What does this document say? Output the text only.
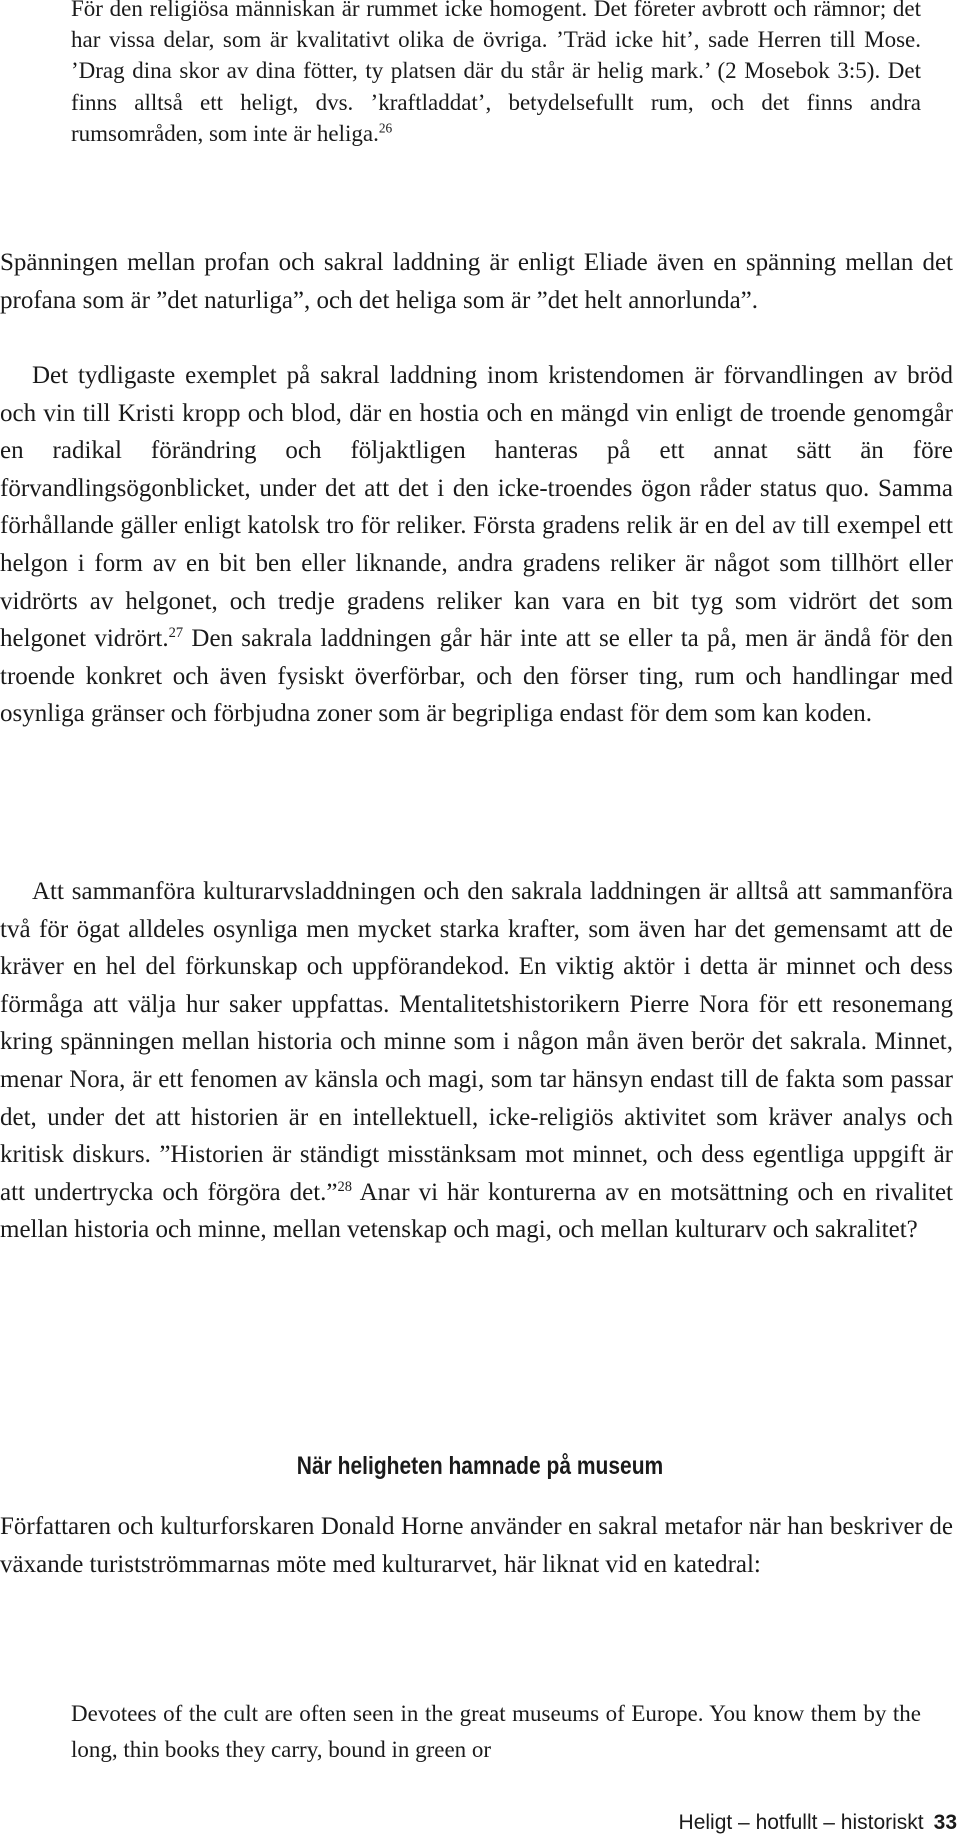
För den religiösa människan är rummet icke homogent. Det företer avbrott och rämnor; det har vissa delar, som är kvalitativt olika de övriga. ’Träd icke hit’, sade Herren till Mose. ’Drag dina skor av dina fötter, ty platsen där du står är helig mark.’ (2 Mosebok 3:5). Det finns alltså ett heligt, dvs. ’kraftladdat’, betydelsefullt rum, och det finns andra rumsområden, som inte är heliga.$^{26}$

Spänningen mellan profan och sakral laddning är enligt Eliade även en spänning mellan det profana som är ”det naturliga”, och det heliga som är ”det helt annorlunda”.

Det tydligaste exemplet på sakral laddning inom kristendomen är förvandlingen av bröd och vin till Kristi kropp och blod, där en hostia och en mängd vin enligt de troende genomgår en radikal förändring och följaktligen hanteras på ett annat sätt än före förvandlingsögonblicket, under det att det i den icke-troendes ögon råder status quo. Samma förhållande gäller enligt katolsk tro för reliker. Första gradens relik är en del av till exempel ett helgon i form av en bit ben eller liknande, andra gradens reliker är något som tillhört eller vidrörts av helgonet, och tredje gradens reliker kan vara en bit tyg som vidrört det som helgonet vidrört.$^{27}$ Den sakrala laddningen går här inte att se eller ta på, men är ändå för den troende konkret och även fysiskt överförbar, och den förser ting, rum och handlingar med osynliga gränser och förbjudna zoner som är begripliga endast för dem som kan koden.

Att sammanföra kulturarvsladdningen och den sakrala laddningen är alltså att sammanföra två för ögat alldeles osynliga men mycket starka krafter, som även har det gemensamt att de kräver en hel del förkunskap och uppförandekod. En viktig aktör i detta är minnet och dess förmåga att välja hur saker uppfattas. Mentalitetshistorikern Pierre Nora för ett resonemang kring spänningen mellan historia och minne som i någon mån även berör det sakrala. Minnet, menar Nora, är ett fenomen av känsla och magi, som tar hänsyn endast till de fakta som passar det, under det att historien är en intellektuell, icke-religiös aktivitet som kräver analys och kritisk diskurs. ”Historien är ständigt misstänksam mot minnet, och dess egentliga uppgift är att undertrycka och förgöra det.”$^{28}$ Anar vi här konturerna av en motsättning och en rivalitet mellan historia och minne, mellan vetenskap och magi, och mellan kulturarv och sakralitet?

När heligheten hamnade på museum

Författaren och kulturforskaren Donald Horne använder en sakral metafor när han beskriver de växande turistströmmarnas möte med kulturarvet, här liknat vid en katedral:

Devotees of the cult are often seen in the great museums of Europe. You know them by the long, thin books they carry, bound in green or

Heligt – hotfullt – historiskt 33
